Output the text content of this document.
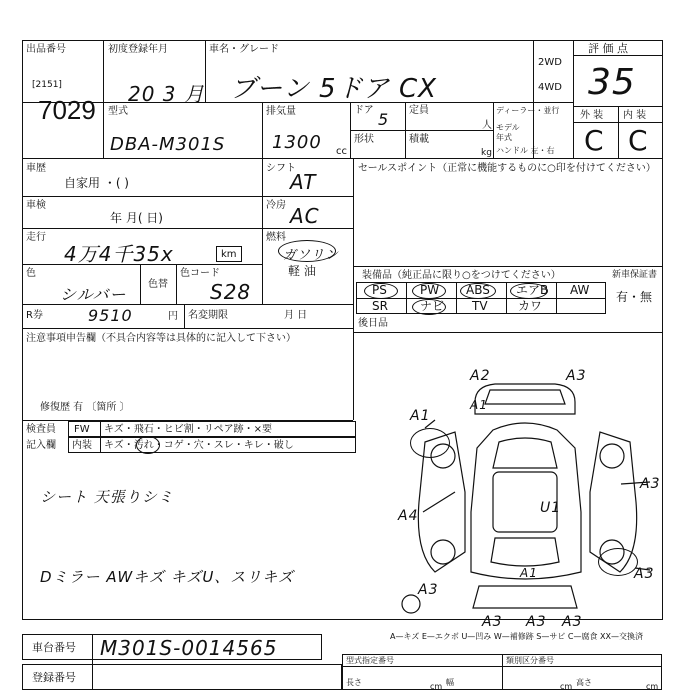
出品番号
[2151]
7029
初度登録年月
20 3 月
車名・グレード
ブーン 5ドア CX
2WD
4WD
評 価 点
35
外 装 内 装
C C
型式
DBA-M301S
排気量
1300 cc
ドア 5
形状
定員
人
積載
kg
ディーラー・並行
モデル
年式
ハンドル 左・右
車歴
自家用 ・( )
シフト
AT
車検
年 月( 日)
冷房 AC
走行
4万4千35x	km
燃料
ガソリン
軽 油
色
シルバー
色替
色コード
S28
R券	9510	円 名変期限	月 日
注意事項申告欄（不具合内容等は具体的に記入して下さい）
修復歴 有 〔箇所 〕
検査員
記入欄
FW キズ・飛石・ヒビ割・リペア跡・×要
内装 キズ・汚れ・コゲ・穴・スレ・キレ・破し
シート 天張りシミ
Dミラー AWキズ キズU、スリキズ
セールスポイント（正常に機能するものに○印を付けてください）
装備品（純正品に限り○をつけてください）	新車保証書
有・無
PS	PW ABS エアB AW
SR	ナビ TV	カワ
後日品
A2	A3
A1
A1
A4
A3
A3
A3
A3 A3
U1
A1
A3
A—キズ E—エクボ U—凹み W—補修跡 S—サビ C—腐食 XX—交換済
車台番号 M301S-0014565
登録番号
型式指定番号	類別区分番号
長さ	cm 幅	cm 高さ	cm
